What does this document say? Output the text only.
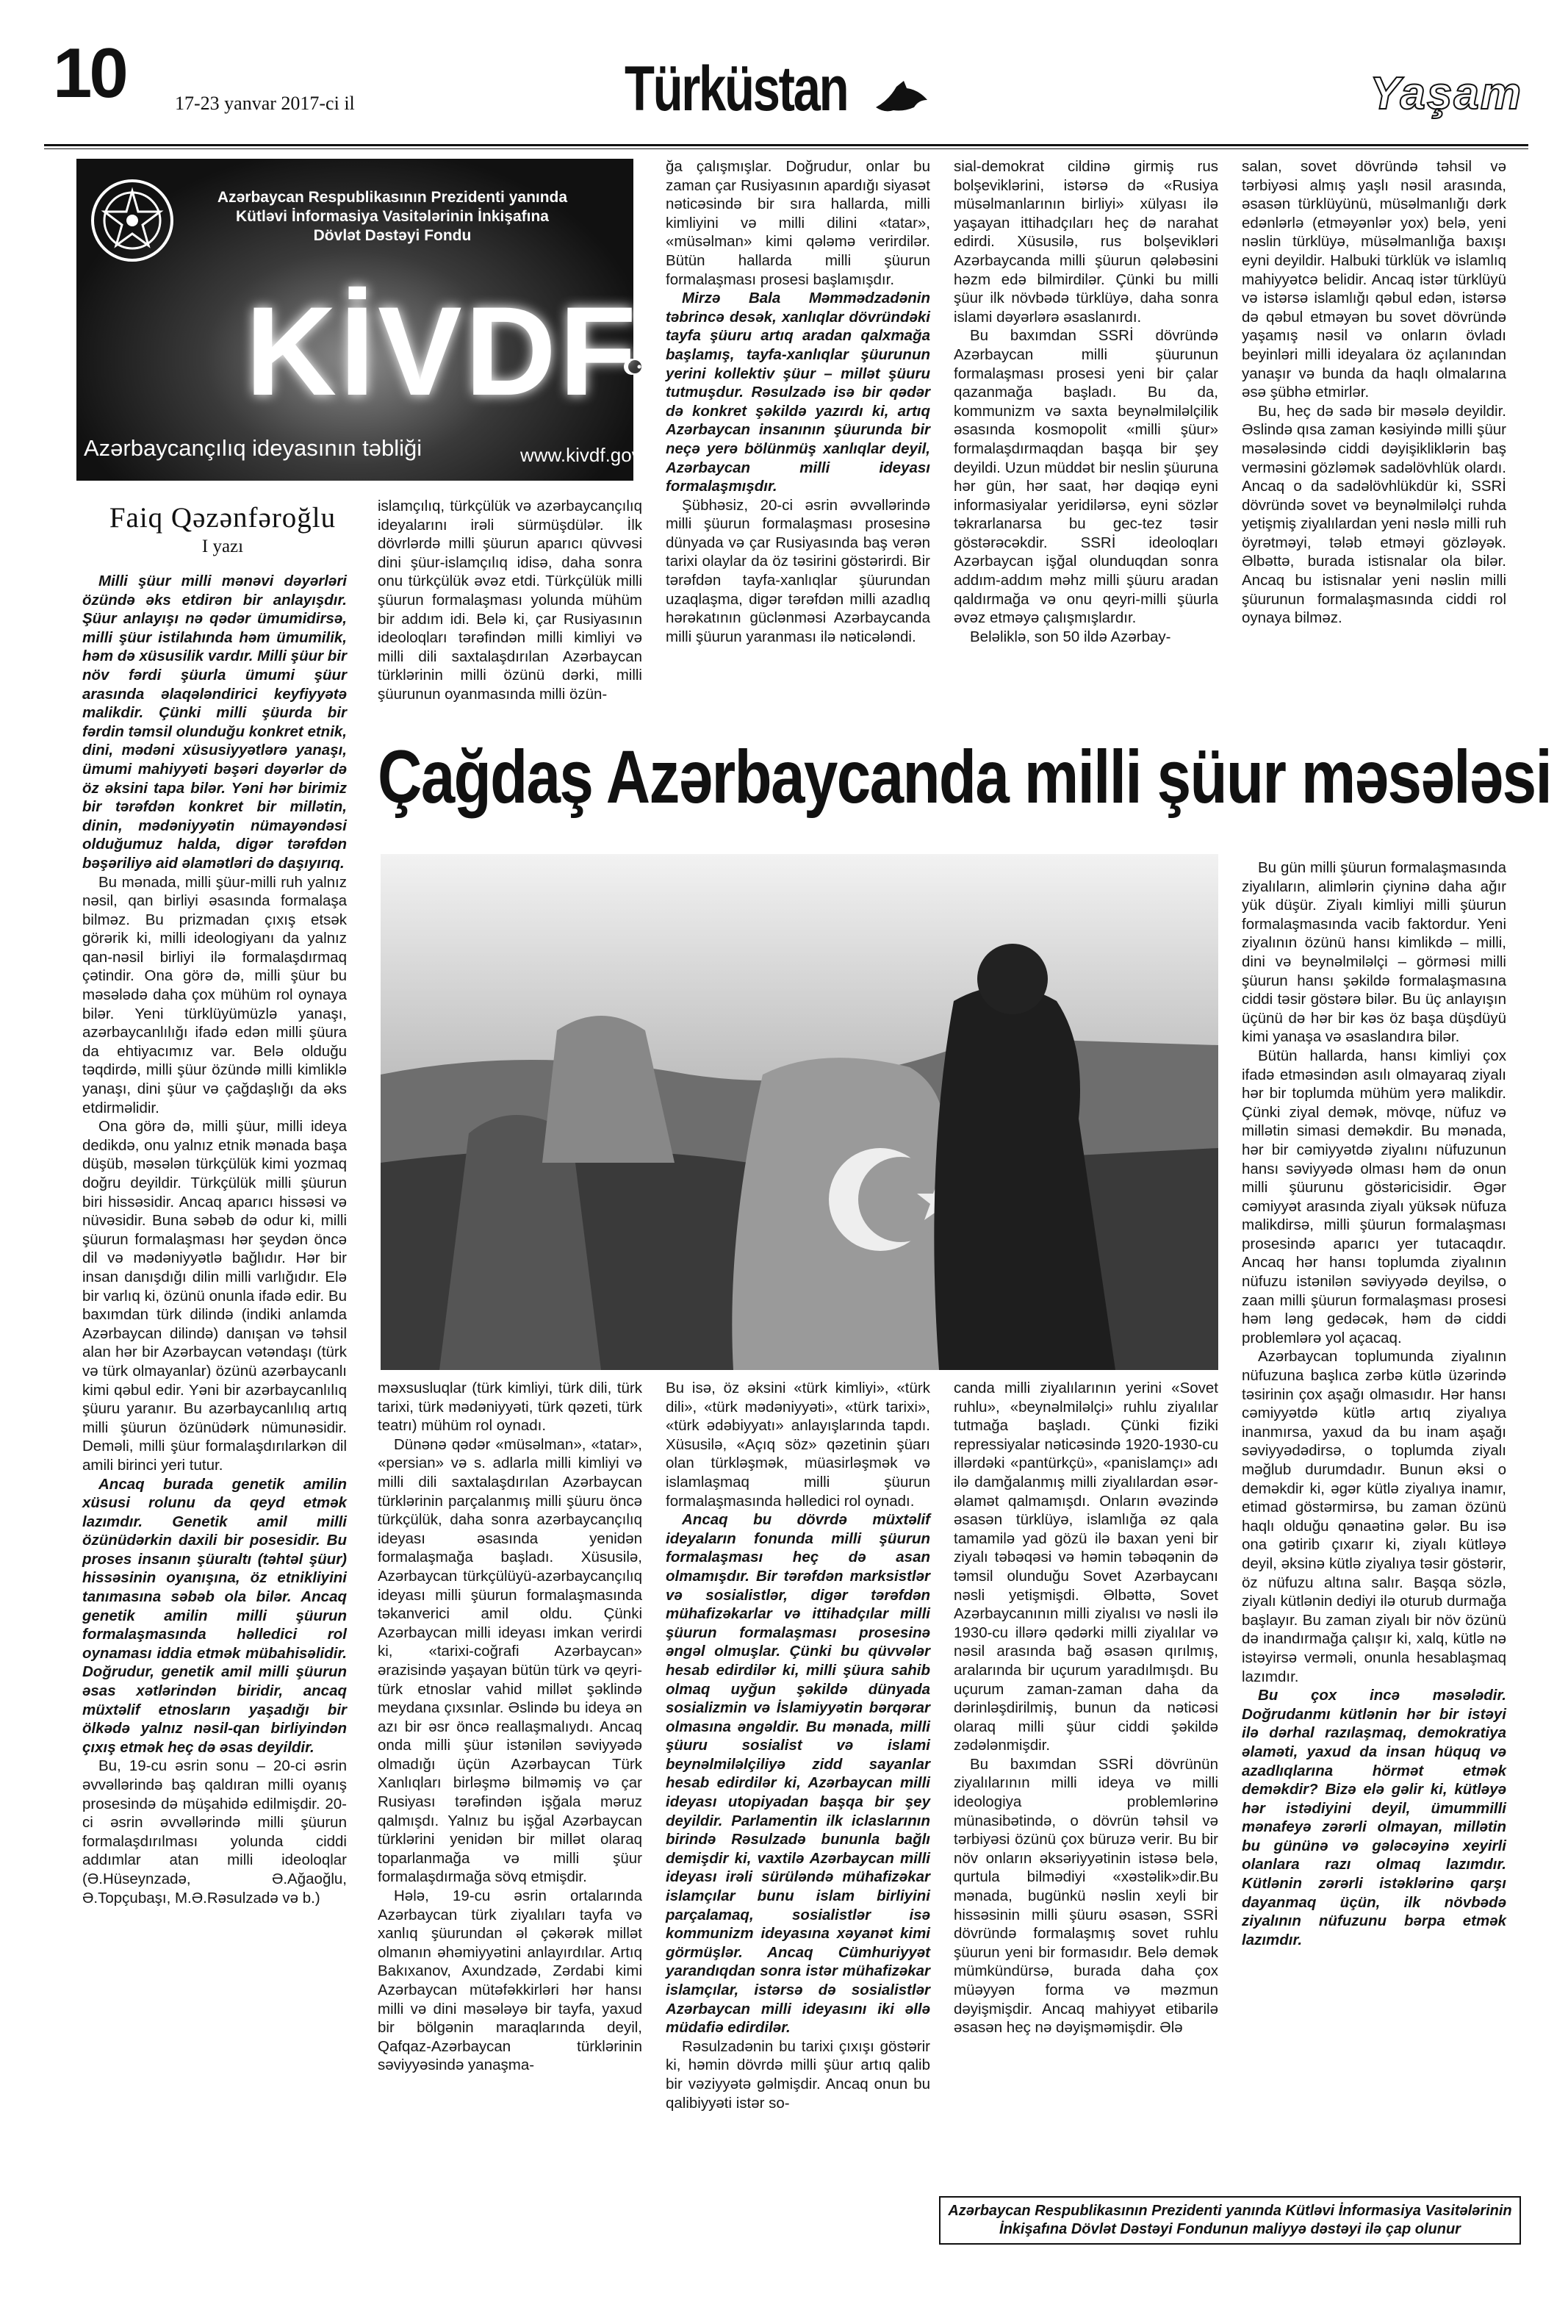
10	17-23 yanvar 2017-ci il	Türküstan	Yaşam
Azərbaycan Respublikasının Prezidenti yanında
Kütləvi İnformasiya Vasitələrinin İnkişafına
Dövlət Dəstəyi Fondu
KİVDF
Azərbaycançılıq ideyasının təbliği	www.kivdf.gov.az
Faiq Qəzənfəroğlu
I yazı

Milli şüur milli mənəvi dəyərləri özündə əks etdirən bir anlayışdır. Şüur anlayışı nə qədər ümumidirsə, milli şüur istilahında həm ümumilik, həm də xüsusilik vardır. Milli şüur bir növ fərdi şüurla ümumi şüur arasında əlaqələndirici keyfiyyətə malikdir. Çünki milli şüurda bir fərdin təmsil olunduğu konkret etnik, dini, mədəni xüsusiyyətlərə yanaşı, ümumi mahiyyəti bəşəri dəyərlər də öz əksini tapa bilər. Yəni hər birimiz bir tərəfdən konkret bir millətin, dinin, mədəniyyətin nümayəndəsi olduğumuz halda, digər tərəfdən bəşəriliyə aid əlamətləri də daşıyırıq.

Bu mənada, milli şüur-milli ruh yalnız nəsil, qan birliyi əsasında formalaşa bilməz. Bu prizmadan çıxış etsək görərik ki, milli ideologiyanı da yalnız qan-nəsil birliyi ilə formalaşdırmaq çətindir. Ona görə də, milli şüur bu məsələdə daha çox mühüm rol oynaya bilər. Yeni türklüyümüzlə yanaşı, azərbaycanlılığı ifadə edən milli şüura da ehtiyacımız var. Belə olduğu təqdirdə, milli şüur özündə milli kimliklə yanaşı, dini şüur və çağdaşlığı da əks etdirməlidir.

Ona görə də, milli şüur, milli ideya dedikdə, onu yalnız etnik mənada başa düşüb, məsələn türkçülük kimi yozmaq doğru deyildir. Türkçülük milli şüurun biri hissəsidir. Ancaq aparıcı hissəsi və nüvəsidir. Buna səbəb də odur ki, milli şüurun formalaşması hər şeydən öncə dil və mədəniyyətlə bağlıdır. Hər bir insan danışdığı dilin milli varlığıdır. Elə bir varlıq ki, özünü onunla ifadə edir. Bu baxımdan türk dilində (indiki anlamda Azərbaycan dilində) danışan və təhsil alan hər bir Azərbaycan vətəndaşı (türk və türk olmayanlar) özünü azərbaycanlı kimi qəbul edir. Yəni bir azərbaycanlılıq şüuru yaranır. Bu azərbaycanlılıq artıq milli şüurun özünüdərk nümunəsidir. Deməli, milli şüur formalaşdırılarkən dil amili birinci yeri tutur.

Ancaq burada genetik amilin xüsusi rolunu da qeyd etmək lazımdır. Genetik amil milli özünüdərkin daxili bir posesidir. Bu proses insanın şüuraltı (təhtəl şüur) hissəsinin oyanışına, öz etnikliyini tanımasına səbəb ola bilər. Ancaq genetik amilin milli şüurun formalaşmasında həlledici rol oynaması iddia etmək mübahisəlidir. Doğrudur, genetik amil milli şüurun əsas xətlərindən biridir, ancaq müxtəlif etnosların yaşadığı bir ölkədə yalnız nəsil-qan birliyindən çıxış etmək heç də əsas deyildir.

Bu, 19-cu əsrin sonu – 20-ci əsrin əvvəllərində baş qaldıran milli oyanış prosesində də müşahidə edilmişdir. 20-ci əsrin əvvəllərində milli şüurun formalaşdırılması yolunda ciddi addımlar atan milli ideoloqlar (Ə.Hüseynzadə, Ə.Ağaoğlu, Ə.Topçubaşı, M.Ə.Rəsulzadə və b.)

islamçılıq, türkçülük və azərbaycançılıq ideyalarını irəli sürmüşdülər. İlk dövrlərdə milli şüurun aparıcı qüvvəsi dini şüur-islamçılıq idisə, daha sonra onu türkçülük əvəz etdi. Türkçülük milli şüurun formalaşması yolunda mühüm bir addım idi. Belə ki, çar Rusiyasının ideoloqları tərəfindən milli kimliyi və milli dili saxtalaşdırılan Azərbaycan türklərinin milli özünü dərki, milli şüurunun oyanmasında milli özün-

ğa çalışmışlar. Doğrudur, onlar bu zaman çar Rusiyasının apardığı siyasət nəticəsində bir sıra hallarda, milli kimliyini və milli dilini «tatar», «müsəlman» kimi qələmə verirdilər. Bütün hallarda milli şüurun formalaşması prosesi başlamışdır.

Mirzə Bala Məmmədzadənin təbrincə desək, xanlıqlar dövründəki tayfa şüuru artıq aradan qalxmağa başlamış, tayfa-xanlıqlar şüurunun yerini kollektiv şüur – millət şüuru tutmuşdur. Rəsulzadə isə bir qədər də konkret şəkildə yazırdı ki, artıq Azərbaycan insanının şüurunda bir neçə yerə bölünmüş xanlıqlar deyil, Azərbaycan milli ideyası formalaşmışdır.

Şübhəsiz, 20-ci əsrin əvvəllərində milli şüurun formalaşması prosesinə dünyada və çar Rusiyasında baş verən tarixi olaylar da öz təsirini göstərirdi. Bir tərəfdən tayfa-xanlıqlar şüurundan uzaqlaşma, digər tərəfdən milli azadlıq hərəkatının güclənməsi Azərbaycanda milli şüurun yaranması ilə nəticələndi.

sial-demokrat cildinə girmiş rus bolşeviklərini, istərsə də «Rusiya müsəlmanlarının birliyi» xülyası ilə yaşayan ittihadçıları heç də narahat edirdi. Xüsusilə, rus bolşevikləri Azərbaycanda milli şüurun qələbəsini həzm edə bilmirdilər. Çünki bu milli şüur ilk növbədə türklüyə, daha sonra islami dəyərlərə əsaslanırdı.

Bu baxımdan SSRİ dövründə Azərbaycan milli şüurunun formalaşması prosesi yeni bir çalar qazanmağa başladı. Bu da, kommunizm və saxta beynəlmiləlçilik əsasında kosmopolit «milli şüur» formalaşdırmaqdan başqa bir şey deyildi. Uzun müddət bir neslin şüuruna hər gün, hər saat, hər dəqiqə eyni informasiyalar yeridilərsə, eyni sözlər təkrarlanarsa bu gec-tez təsir göstərəcəkdir. SSRİ ideoloqları Azərbaycan işğal olunduqdan sonra addım-addım məhz milli şüuru aradan qaldırmağa və onu qeyri-milli şüurla əvəz etməyə çalışmışlardır.

Beləliklə, son 50 ildə Azərbay-

salan, sovet dövründə təhsil və tərbiyəsi almış yaşlı nəsil arasında, əsasən türklüyünü, müsəlmanlığı dərk edənlərlə (etməyənlər yox) belə, yeni nəslin türklüyə, müsəlmanlığa baxışı eyni deyildir. Halbuki türklük və islamlıq mahiyyətcə belidir. Ancaq istər türklüyü və istərsə islamlığı qəbul edən, istərsə də qəbul etməyən bu sovet dövründə yaşamış nəsil və onların övladı beyinləri milli ideyalara öz açılanından yanaşır və bunda da haqlı olmalarına əsə şübhə etmirlər.

Bu, heç də sadə bir məsələ deyildir. Əslində qısa zaman kəsiyində milli şüur məsələsində ciddi dəyişikliklərin baş verməsini gözləmək sadəlövhlük olardı. Ancaq o da sadəlövhlükdür ki, SSRİ dövründə sovet və beynəlmiləlçi ruhda yetişmiş ziyalılardan yeni nəslə milli ruh öyrətməyi, tələb etməyi gözləyək. Əlbəttə, burada istisnalar ola bilər. Ancaq bu istisnalar yeni nəslin milli şüurunun formalaşmasında ciddi rol oynaya bilməz.

Çağdaş Azərbaycanda milli şüur məsələsi

məxsusluqlar (türk kimliyi, türk dili, türk tarixi, türk mədəniyyəti, türk qəzeti, türk teatrı) mühüm rol oynadı.

Dünənə qədər «müsəlman», «tatar», «persian» və s. adlarla milli kimliyi və milli dili saxtalaşdırılan Azərbaycan türklərinin parçalanmış milli şüuru öncə türkçülük, daha sonra azərbaycançılıq ideyası əsasında yenidən formalaşmağa başladı. Xüsusilə, Azərbaycan türkçülüyü-azərbaycançılıq ideyası milli şüurun formalaşmasında təkanverici amil oldu. Çünki Azərbaycan milli ideyası imkan verirdi ki, «tarixi-coğrafi Azərbaycan» ərazisində yaşayan bütün türk və qeyri-türk etnoslar vahid millət şəklində meydana çıxsınlar. Əslində bu ideya ən azı bir əsr öncə reallaşmalıydı. Ancaq onda milli şüur istənilən səviyyədə olmadığı üçün Azərbaycan Türk Xanlıqları birləşmə bilməmiş və çar Rusiyası tərəfindən işğala məruz qalmışdı. Yalnız bu işğal Azərbaycan türklərini yenidən bir millət olaraq toparlanmağa və milli şüur formalaşdırmağa sövq etmişdir.

Hələ, 19-cu əsrin ortalarında Azərbaycan türk ziyalıları tayfa və xanlıq şüurundan əl çəkərək millət olmanın əhəmiyyətini anlayırdılar. Artıq Bakıxanov, Axundzadə, Zərdabi kimi Azərbaycan mütəfəkkirləri hər hansı milli və dini məsələyə bir tayfa, yaxud bir bölgənin maraqlarında deyil, Qafqaz-Azərbaycan türklərinin səviyyəsində yanaşma-

Bu isə, öz əksini «türk kimliyi», «türk dili», «türk mədəniyyəti», «türk tarixi», «türk ədəbiyyatı» anlayışlarında tapdı. Xüsusilə, «Açıq söz» qəzetinin şüarı olan türkləşmək, müasirləşmək və islamlaşmaq milli şüurun formalaşmasında həlledici rol oynadı.

Ancaq bu dövrdə müxtəlif ideyaların fonunda milli şüurun formalaşması heç də asan olmamışdır. Bir tərəfdən marksistlər və sosialistlər, digər tərəfdən mühafizəkarlar və ittihadçılar milli şüurun formalaşması prosesinə əngəl olmuşlar. Çünki bu qüvvələr hesab edirdilər ki, milli şüura sahib olmaq uyğun şəkildə dünyada sosializmin və İslamiyyətin bərqərar olmasına əngəldir. Bu mənada, milli şüuru sosialist və islami beynəlmiləlçiliyə zidd sayanlar hesab edirdilər ki, Azərbaycan milli ideyası utopiyadan başqa bir şey deyildir. Parlamentin ilk iclaslarının birində Rəsulzadə bununla bağlı demişdir ki, vaxtilə Azərbaycan milli ideyası irəli sürüləndə mühafizəkar islamçılar bunu islam birliyini parçalamaq, sosialistlər isə kommunizm ideyasına xəyanət kimi görmüşlər. Ancaq Cümhuriyyət yarandıqdan sonra istər mühafizəkar islamçılar, istərsə də sosialistlər Azərbaycan milli ideyasını iki əllə müdafiə edirdilər.

Rəsulzadənin bu tarixi çıxışı göstərir ki, həmin dövrdə milli şüur artıq qalib bir vəziyyətə gəlmişdir. Ancaq onun bu qalibiyyəti istər so-

canda milli ziyalılarının yerini «Sovet ruhlu», «beynəlmiləlçi» ruhlu ziyalılar tutmağa başladı. Çünki fiziki repressiyalar nəticəsində 1920-1930-cu illərdəki «pantürkçü», «panislamçı» adı ilə damğalanmış milli ziyalılardan əsər-əlamət qalmamışdı. Onların əvəzində əsasən türklüyə, islamlığa əz qala tamamilə yad gözü ilə baxan yeni bir ziyalı təbəqəsi və həmin təbəqənin də təmsil olunduğu Sovet Azərbaycanı nəsli yetişmişdi. Əlbəttə, Sovet Azərbaycanının milli ziyalısı və nəsli ilə 1930-cu illərə qədərki milli ziyalılar və nəsil arasında bağ əsasən qırılmış, aralarında bir uçurum yaradılmışdı. Bu uçurum zaman-zaman daha da dərinləşdirilmiş, bunun da nəticəsi olaraq milli şüur ciddi şəkildə zədələnmişdir.

Bu baxımdan SSRİ dövrünün ziyalılarının milli ideya və milli ideologiya problemlərinə münasibətində, o dövrün təhsil və tərbiyəsi özünü çox büruzə verir. Bu bir növ onların əksəriyyətinin istəsə belə, qurtula bilmədiyi «xəstəlik»dir.Bu mənada, bugünkü nəslin xeyli bir hissəsinin milli şüuru əsasən, SSRİ dövründə formalaşmış sovet ruhlu şüurun yeni bir formasıdır. Belə demək mümkündürsə, burada daha çox müəyyən forma və məzmun dəyişmişdir. Ancaq mahiyyət etibarilə əsasən heç nə dəyişməmişdir. Ələ

Bu gün milli şüurun formalaşmasında ziyalıların, alimlərin çiyninə daha ağır yük düşür. Ziyalı kimliyi milli şüurun formalaşmasında vacib faktordur. Yeni ziyalının özünü hansı kimlikdə – milli, dini və beynəlmiləlçi – görməsi milli şüurun hansı şəkildə formalaşmasına ciddi təsir göstərə bilər. Bu üç anlayışın üçünü də hər bir kəs öz başa düşdüyü kimi yanaşa və əsaslandıra bilər.

Bütün hallarda, hansı kimliyi çox ifadə etməsindən asılı olmayaraq ziyalı hər bir toplumda mühüm yerə malikdir. Çünki ziyal demək, mövqe, nüfuz və millətin simasi deməkdir. Bu mənada, hər bir cəmiyyətdə ziyalını nüfuzunun hansı səviyyədə olması həm də onun milli şüurunu göstəricisidir. Əgər cəmiyyət arasında ziyalı yüksək nüfuza malikdirsə, milli şüurun formalaşması prosesində aparıcı yer tutacaqdır. Ancaq hər hansı toplumda ziyalının nüfuzu istənilən səviyyədə deyilsə, o zaan milli şüurun formalaşması prosesi həm ləng gedəcək, həm də ciddi problemlərə yol açacaq.

Azərbaycan toplumunda ziyalının nüfuzuna başlıca zərbə kütlə üzərində təsirinin çox aşağı olmasıdır. Hər hansı cəmiyyətdə kütlə artıq ziyalıya inanmırsa, yaxud da bu inam aşağı səviyyədədirsə, o toplumda ziyalı məğlub durumdadır. Bunun əksi o deməkdir ki, əgər kütlə ziyalıya inamır, etimad göstərmirsə, bu zaman özünü haqlı olduğu qənaətinə gələr. Bu isə ona gətirib çıxarır ki, ziyalı kütləyə deyil, əksinə kütlə ziyalıya təsir göstərir, öz nüfuzu altına salır. Başqa sözlə, ziyalı kütlənin dediyi ilə oturub durmağa başlayır. Bu zaman ziyalı bir növ özünü də inandırmağa çalışır ki, xalq, kütlə nə istəyirsə verməli, onunla hesablaşmaq lazımdır.

Bu çox incə məsələdir. Doğrudanmı kütlənin hər bir istəyi ilə dərhal razılaşmaq, demokratiya əlaməti, yaxud da insan hüquq və azadlıqlarına hörmət etmək deməkdir? Bizə elə gəlir ki, kütləyə hər istədiyini deyil, ümummilli mənafeyə zərərli olmayan, millətin bu gününə və gələcəyinə xeyirli olanlara razı olmaq lazımdır. Kütlənin zərərli istəklərinə qarşı dayanmaq üçün, ilk növbədə ziyalının nüfuzunu bərpa etmək lazımdır.

Azərbaycan Respublikasının Prezidenti yanında Kütləvi İnformasiya Vasitələrinin İnkişafına Dövlət Dəstəyi Fondunun maliyyə dəstəyi ilə çap olunur
